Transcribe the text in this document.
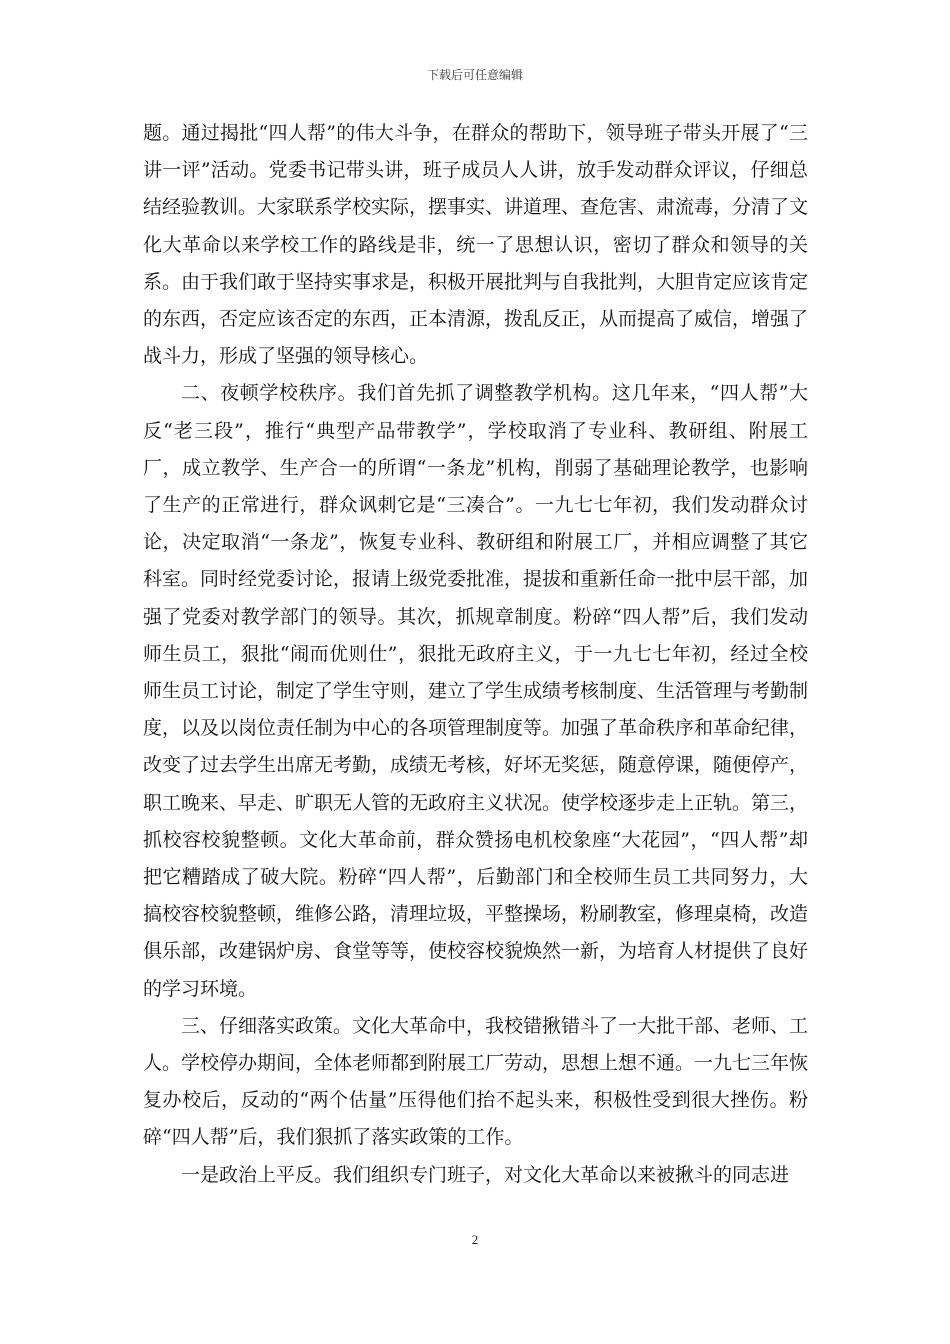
下载后可任意编辑

题。通过揭批“四人帮”的伟大斗争，在群众的帮助下，领导班子带头开展了“三讲一评”活动。党委书记带头讲，班子成员人人讲，放手发动群众评议，仔细总结经验教训。大家联系学校实际，摆事实、讲道理、查危害、肃流毒，分清了文化大革命以来学校工作的路线是非，统一了思想认识，密切了群众和领导的关系。由于我们敢于坚持实事求是，积极开展批判与自我批判，大胆肯定应该肯定的东西，否定应该否定的东西，正本清源，拨乱反正，从而提高了威信，增强了战斗力，形成了坚强的领导核心。

二、夜顿学校秩序。我们首先抓了调整教学机构。这几年来，“四人帮”大反“老三段”，推行“典型产品带教学”，学校取消了专业科、教研组、附展工厂，成立教学、生产合一的所谓“一条龙”机构，削弱了基础理论教学，也影响了生产的正常进行，群众讽刺它是“三凑合”。一九七七年初，我们发动群众讨论，决定取消“一条龙”，恢复专业科、教研组和附展工厂，并相应调整了其它科室。同时经党委讨论，报请上级党委批准，提拔和重新任命一批中层干部，加强了党委对教学部门的领导。其次，抓规章制度。粉碎“四人帮”后，我们发动师生员工，狠批“闹而优则仕”，狠批无政府主义，于一九七七年初，经过全校师生员工讨论，制定了学生守则，建立了学生成绩考核制度、生活管理与考勤制度，以及以岗位责任制为中心的各项管理制度等。加强了革命秩序和革命纪律，改变了过去学生出席无考勤，成绩无考核，好坏无奖惩，随意停课，随便停产，职工晚来、早走、旷职无人管的无政府主义状况。使学校逐步走上正轨。第三，抓校容校貌整顿。文化大革命前，群众赞扬电机校象座“大花园”，“四人帮”却把它糟踏成了破大院。粉碎“四人帮”，后勤部门和全校师生员工共同努力，大搞校容校貌整顿，维修公路，清理垃圾，平整操场，粉刷教室，修理桌椅，改造俱乐部，改建锅炉房、食堂等等，使校容校貌焕然一新，为培育人材提供了良好的学习环境。

三、仔细落实政策。文化大革命中，我校错揪错斗了一大批干部、老师、工人。学校停办期间，全体老师都到附展工厂劳动，思想上想不通。一九七三年恢复办校后，反动的“两个估量”压得他们抬不起头来，积极性受到很大挫伤。粉碎“四人帮”后，我们狠抓了落实政策的工作。

一是政治上平反。我们组织专门班子，对文化大革命以来被揪斗的同志进

2
